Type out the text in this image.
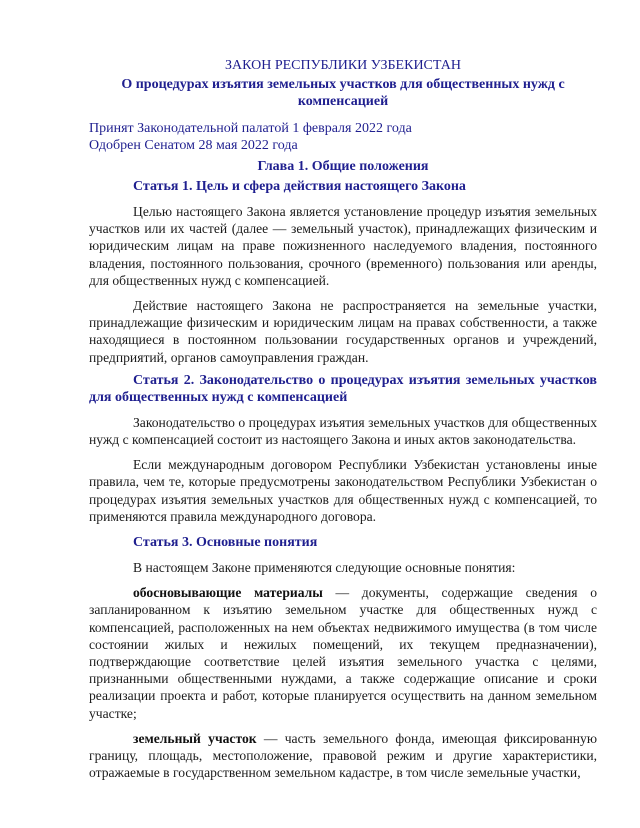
ЗАКОН РЕСПУБЛИКИ УЗБЕКИСТАН
О процедурах изъятия земельных участков для общественных нужд с компенсацией
Принят Законодательной палатой 1 февраля 2022 года
Одобрен Сенатом 28 мая 2022 года
Глава 1. Общие положения
Статья 1. Цель и сфера действия настоящего Закона

Целью настоящего Закона является установление процедур изъятия земельных участков или их частей (далее — земельный участок), принадлежащих физическим и юридическим лицам на праве пожизненного наследуемого владения, постоянного владения, постоянного пользования, срочного (временного) пользования или аренды, для общественных нужд с компенсацией.

Действие настоящего Закона не распространяется на земельные участки, принадлежащие физическим и юридическим лицам на правах собственности, а также находящиеся в постоянном пользовании государственных органов и учреждений, предприятий, органов самоуправления граждан.

Статья 2. Законодательство о процедурах изъятия земельных участков для общественных нужд с компенсацией

Законодательство о процедурах изъятия земельных участков для общественных нужд с компенсацией состоит из настоящего Закона и иных актов законодательства.

Если международным договором Республики Узбекистан установлены иные правила, чем те, которые предусмотрены законодательством Республики Узбекистан о процедурах изъятия земельных участков для общественных нужд с компенсацией, то применяются правила международного договора.

Статья 3. Основные понятия

В настоящем Законе применяются следующие основные понятия:

обосновывающие материалы — документы, содержащие сведения о запланированном к изъятию земельном участке для общественных нужд с компенсацией, расположенных на нем объектах недвижимого имущества (в том числе состоянии жилых и нежилых помещений, их текущем предназначении), подтверждающие соответствие целей изъятия земельного участка с целями, признанными общественными нуждами, а также содержащие описание и сроки реализации проекта и работ, которые планируется осуществить на данном земельном участке;

земельный участок — часть земельного фонда, имеющая фиксированную границу, площадь, местоположение, правовой режим и другие характеристики, отражаемые в государственном земельном кадастре, в том числе земельные участки,
